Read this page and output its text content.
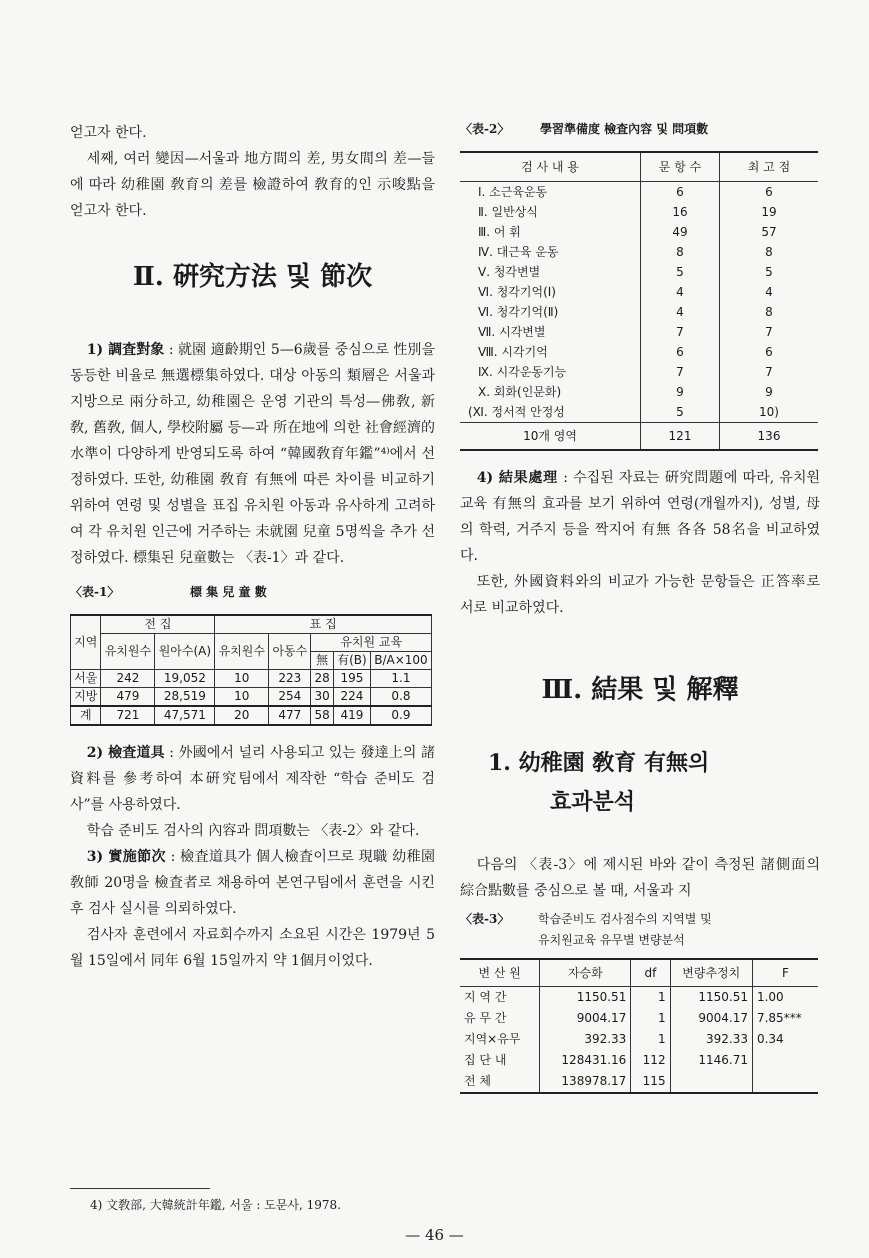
얻고자 한다.

세째, 여러 變因—서울과 地方間의 差, 男女間의 差—들에 따라 幼稚園 敎育의 差를 檢證하여 敎育的인 示唆點을 얻고자 한다.

Ⅱ. 硏究方法 및 節次

1) 調査對象 : 就園 適齡期인 5—6歲를 중심으로 性別을 동등한 비율로 無選標集하였다. 대상 아동의 類層은 서울과 지방으로 兩分하고, 幼稚園은 운영 기관의 특성—佛敎, 新敎, 舊敎, 個人, 學校附屬 등—과 所在地에 의한 社會經濟的 水準이 다양하게 반영되도록 하여 “韓國敎育年鑑”⁴⁾에서 선정하였다. 또한, 幼稚園 敎育 有無에 따른 차이를 비교하기 위하여 연령 및 성별을 표집 유치원 아동과 유사하게 고려하여 각 유치원 인근에 거주하는 未就園 兒童 5명씩을 추가 선정하였다. 標集된 兒童數는 〈表-1〉과 같다.

〈表-1〉	標 集 兒 童 數
지역	전 집		표 집				
	유치원수	원아수(A)	유치원수	아동수	유치원 교육		
					無	有(B)	B/A×100
서울	242	19,052	10	223	28	195	1.1
지방	479	28,519	10	254	30	224	0.8
계	721	47,571	20	477	58	419	0.9

2) 檢査道具 : 外國에서 널리 사용되고 있는 發達上의 諸資料를 參考하여 本硏究팀에서 제작한 “학습 준비도 검사”를 사용하였다.

학습 준비도 검사의 內容과 問項數는 〈表-2〉와 같다.

3) 實施節次 : 檢査道具가 個人檢査이므로 現職 幼稚園 敎師 20명을 檢査者로 채용하여 본연구팀에서 훈련을 시킨 후 검사 실시를 의뢰하였다.

검사자 훈련에서 자료회수까지 소요된 시간은 1979년 5월 15일에서 同年 6월 15일까지 약 1個月이었다.

〈表-2〉	學習準備度 檢査內容 및 問項數
검 사 내 용	문 항 수	최 고 점
Ⅰ. 소근육운동	6	6
Ⅱ. 일반상식	16	19
Ⅲ. 어 휘	49	57
Ⅳ. 대근육 운동	8	8
Ⅴ. 청각변별	5	5
Ⅵ. 청각기억(Ⅰ)	4	4
Ⅵ. 청각기억(Ⅱ)	4	8
Ⅶ. 시각변별	7	7
Ⅷ. 시각기억	6	6
Ⅸ. 시각운동기능	7	7
Ⅹ. 회화(인문화)	9	9
(Ⅺ. 정서적 안정성	5	10)
10개 영역	121	136

4) 結果處理 : 수집된 자료는 硏究問題에 따라, 유치원 교육 有無의 효과를 보기 위하여 연령(개월까지), 성별, 母의 학력, 거주지 등을 짝지어 有無 各各 58名을 비교하였다.

또한, 外國資料와의 비교가 가능한 문항들은 正答率로 서로 비교하였다.

Ⅲ. 結果 및 解釋
1. 幼稚園 敎育 有無의
효과분석

다음의 〈表-3〉에 제시된 바와 같이 측정된 諸側面의 綜合點數를 중심으로 볼 때, 서울과 지

〈表-3〉	학습준비도 검사점수의 지역별 및
유치원교육 유무별 변량분석
변 산 원	자승화	df	변량추정치	F
지 역 간	1150.51	1	1150.51	1.00
유 무 간	9004.17	1	9004.17	7.85***
지역×유무	392.33	1	392.33	0.34
집 단 내	128431.16	112	1146.71	
전 체	138978.17	115		
4) 文敎部, 大韓統計年鑑, 서울 : 도문사, 1978.
— 46 —
